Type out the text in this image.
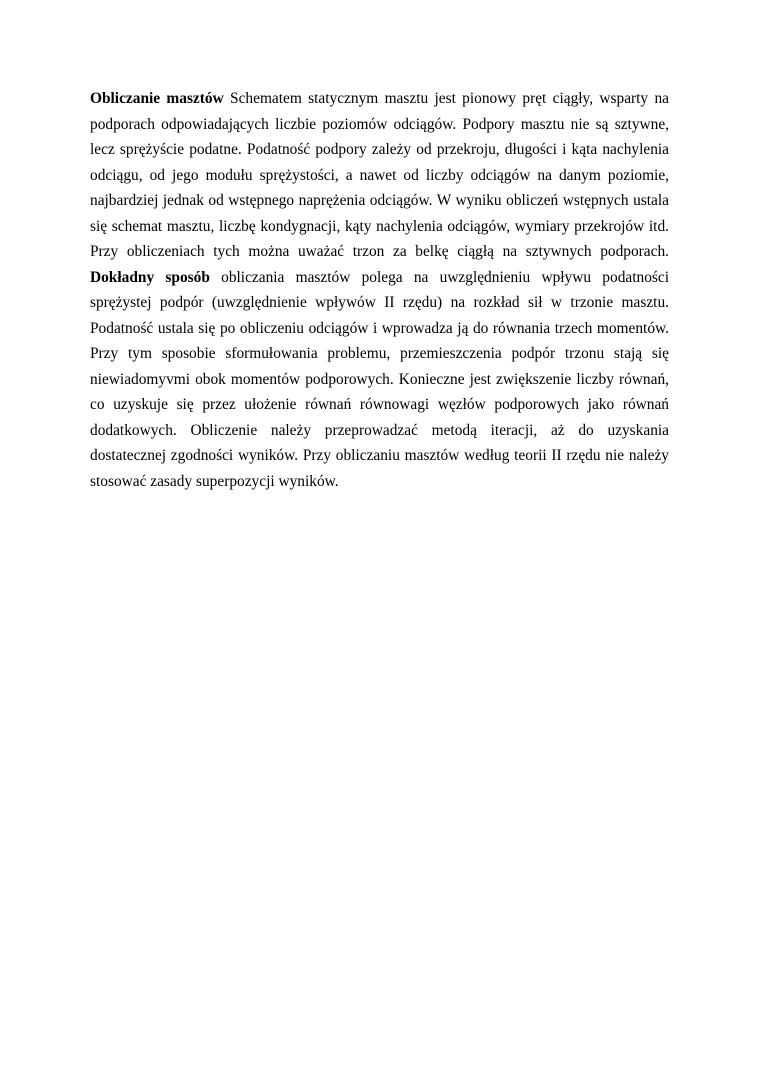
Obliczanie masztów Schematem statycznym masztu jest pionowy pręt ciągły, wsparty na podporach odpowiadających liczbie poziomów odciągów. Podpory masztu nie są sztywne, lecz sprężyście podatne. Podatność podpory zależy od przekroju, długości i kąta nachylenia odciągu, od jego modułu sprężystości, a nawet od liczby odciągów na danym poziomie, najbardziej jednak od wstępnego naprężenia odciągów. W wyniku obliczeń wstępnych ustala się schemat masztu, liczbę kondygnacji, kąty nachylenia odciągów, wymiary przekrojów itd. Przy obliczeniach tych można uważać trzon za belkę ciągłą na sztywnych podporach. Dokładny sposób obliczania masztów polega na uwzględnieniu wpływu podatności sprężystej podpór (uwzględnienie wpływów II rzędu) na rozkład sił w trzonie masztu. Podatność ustala się po obliczeniu odciągów i wprowadza ją do równania trzech momentów. Przy tym sposobie sformułowania problemu, przemieszczenia podpór trzonu stają się niewiadomyvmi obok momentów podporowych. Konieczne jest zwiększenie liczby równań, co uzyskuje się przez ułożenie równań równowagi węzłów podporowych jako równań dodatkowych. Obliczenie należy przeprowadzać metodą iteracji, aż do uzyskania dostatecznej zgodności wyników. Przy obliczaniu masztów według teorii II rzędu nie należy stosować zasady superpozycji wyników.
